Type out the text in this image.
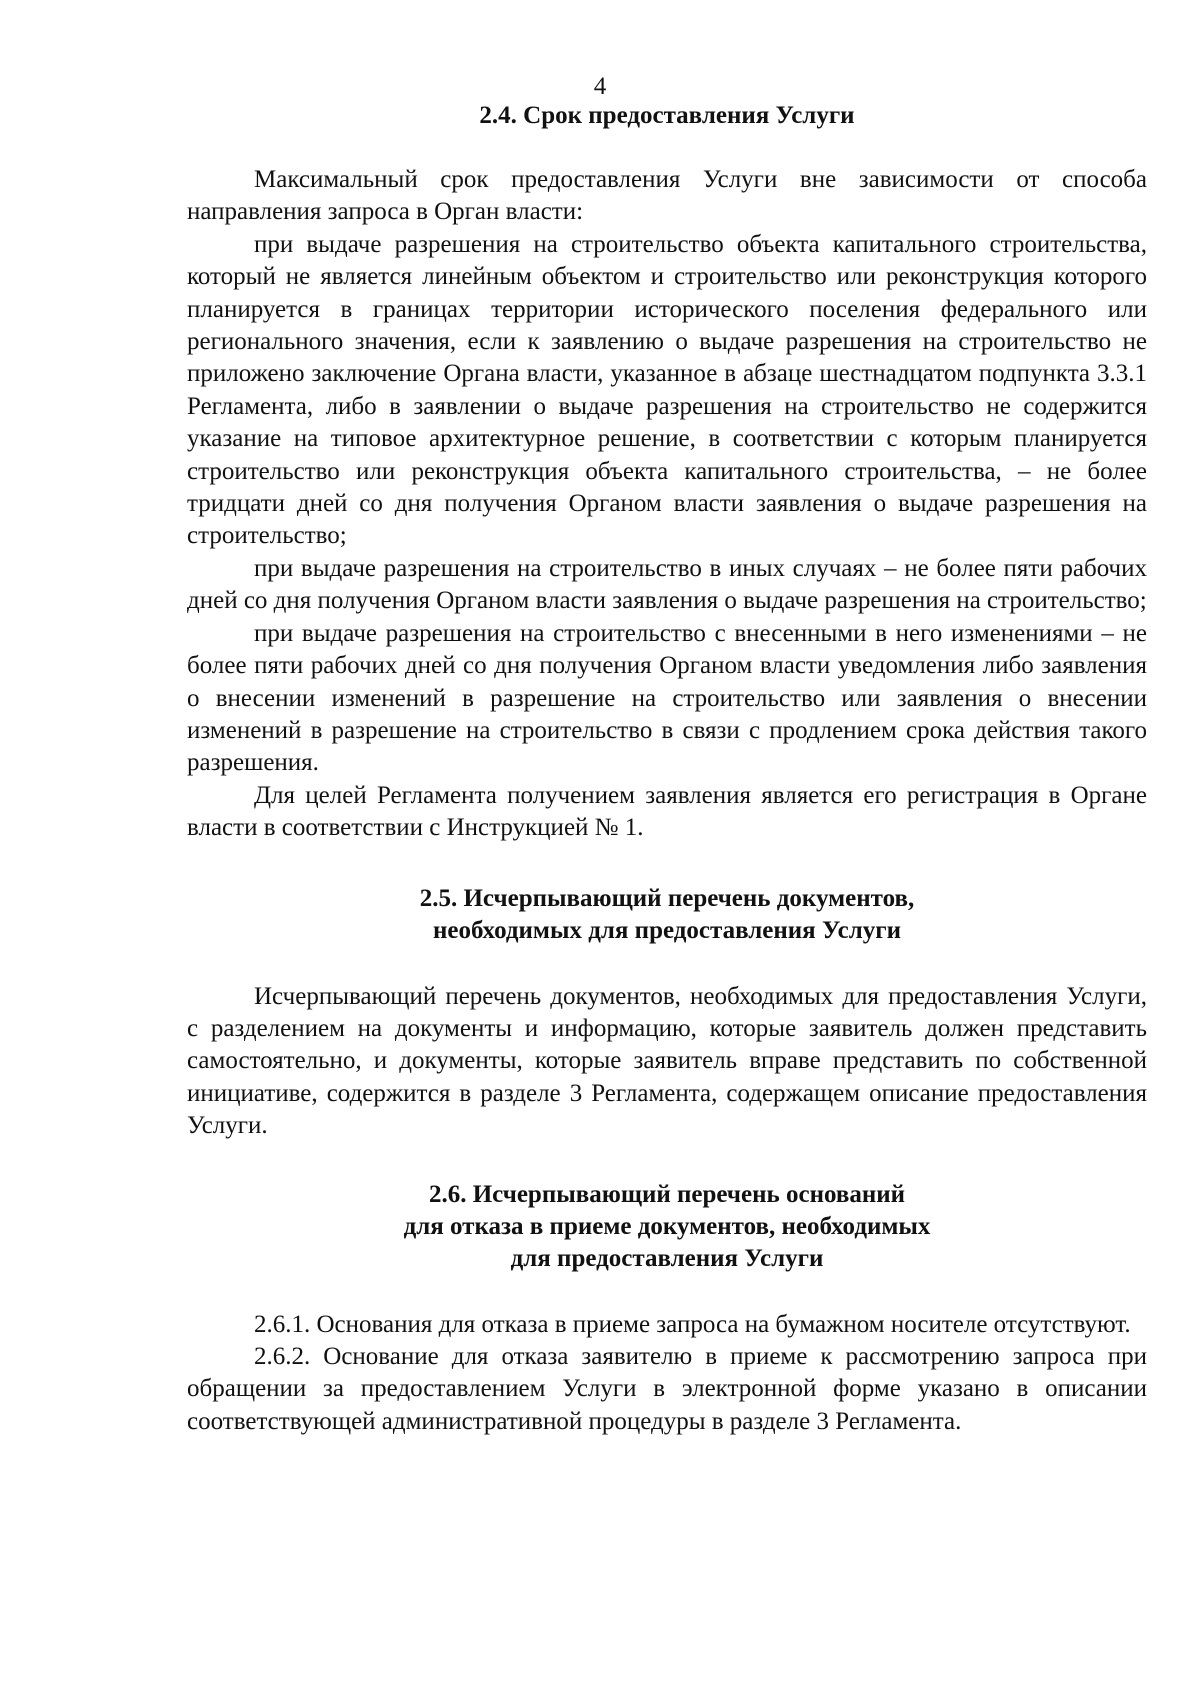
4
2.4. Срок предоставления Услуги

Максимальный срок предоставления Услуги вне зависимости от способа направления запроса в Орган власти:

при выдаче разрешения на строительство объекта капитального строительства, который не является линейным объектом и строительство или реконструкция которого планируется в границах территории исторического поселения федерального или регионального значения, если к заявлению о выдаче разрешения на строительство не приложено заключение Органа власти, указанное в абзаце шестнадцатом подпункта 3.3.1 Регламента, либо в заявлении о выдаче разрешения на строительство не содержится указание на типовое архитектурное решение, в соответствии с которым планируется строительство или реконструкция объекта капитального строительства, – не более тридцати дней со дня получения Органом власти заявления о выдаче разрешения на строительство;

при выдаче разрешения на строительство в иных случаях – не более пяти рабочих дней со дня получения Органом власти заявления о выдаче разрешения на строительство;

при выдаче разрешения на строительство с внесенными в него изменениями – не более пяти рабочих дней со дня получения Органом власти уведомления либо заявления о внесении изменений в разрешение на строительство или заявления о внесении изменений в разрешение на строительство в связи с продлением срока действия такого разрешения.

Для целей Регламента получением заявления является его регистрация в Органе власти в соответствии с Инструкцией № 1.

2.5. Исчерпывающий перечень документов,
необходимых для предоставления Услуги

Исчерпывающий перечень документов, необходимых для предоставления Услуги, с разделением на документы и информацию, которые заявитель должен представить самостоятельно, и документы, которые заявитель вправе представить по собственной инициативе, содержится в разделе 3 Регламента, содержащем описание предоставления Услуги.

2.6. Исчерпывающий перечень оснований
для отказа в приеме документов, необходимых
для предоставления Услуги

2.6.1. Основания для отказа в приеме запроса на бумажном носителе отсутствуют.

2.6.2. Основание для отказа заявителю в приеме к рассмотрению запроса при обращении за предоставлением Услуги в электронной форме указано в описании соответствующей административной процедуры в разделе 3 Регламента.
